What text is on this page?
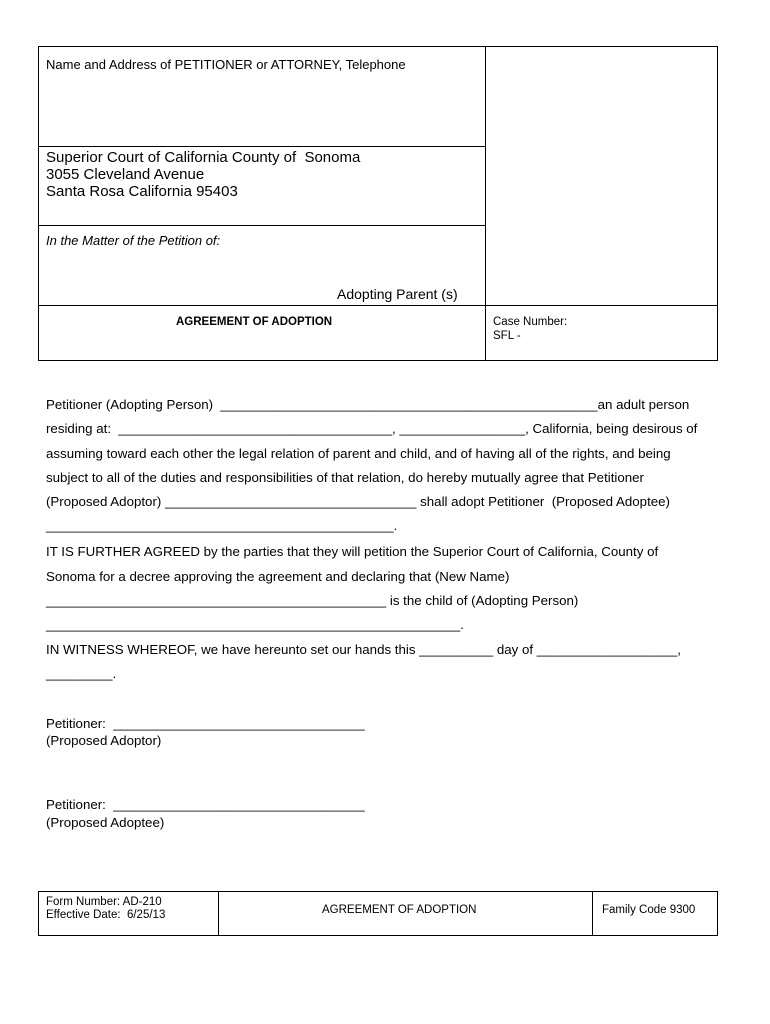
Name and Address of PETITIONER or ATTORNEY, Telephone
Superior Court of California County of  Sonoma
3055 Cleveland Avenue
Santa Rosa California 95403
In the Matter of the Petition of:
Adopting Parent (s)
AGREEMENT OF ADOPTION	Case Number:
SFL -
Petitioner (Adopting Person)  ___________________________________________________an adult person
residing at:  _____________________________________, _________________, California, being desirous of
assuming toward each other the legal relation of parent and child, and of having all of the rights, and being
subject to all of the duties and responsibilities of that relation, do hereby mutually agree that Petitioner
(Proposed Adoptor) __________________________________ shall adopt Petitioner  (Proposed Adoptee)
_______________________________________________.
IT IS FURTHER AGREED by the parties that they will petition the Superior Court of California, County of
Sonoma for a decree approving the agreement and declaring that (New Name)
______________________________________________ is the child of (Adopting Person)
________________________________________________________.
IN WITNESS WHEREOF, we have hereunto set our hands this __________ day of ___________________,
_________.
Petitioner:  __________________________________
(Proposed Adoptor)
Petitioner:  __________________________________
(Proposed Adoptee)
Form Number: AD-210
Effective Date:  6/25/13	AGREEMENT OF ADOPTION	Family Code 9300
